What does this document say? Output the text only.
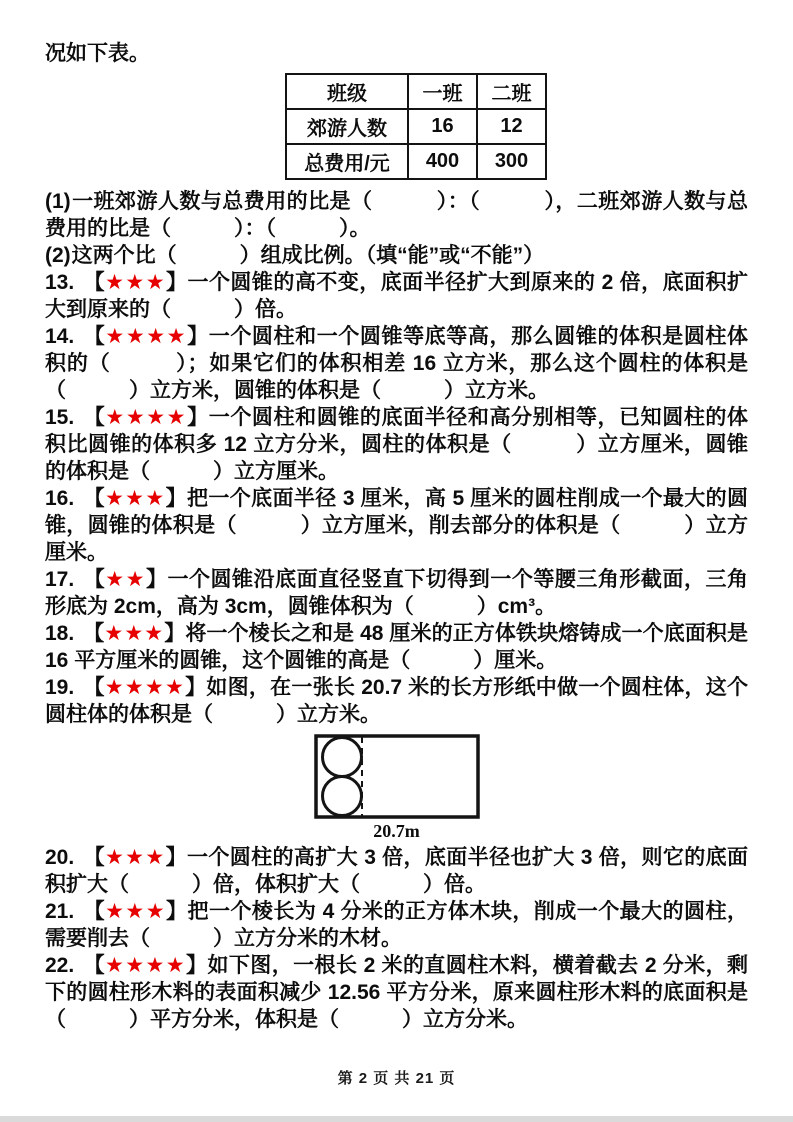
况如下表。

班级	一班	二班
郊游人数	16	12
总费用/元	400	300

(1)一班郊游人数与总费用的比是（　　　）：（　　　），二班郊游人数与总费用的比是（　　　）：（　　　）。

(2)这两个比（　　　）组成比例。（填“能”或“不能”）

13. 【★★★】一个圆锥的高不变，底面半径扩大到原来的 2 倍，底面积扩大到原来的（　　　）倍。

14. 【★★★★】一个圆柱和一个圆锥等底等高，那么圆锥的体积是圆柱体积的（　　　）；如果它们的体积相差 16 立方米，那么这个圆柱的体积是（　　　）立方米，圆锥的体积是（　　　）立方米。

15. 【★★★★】一个圆柱和圆锥的底面半径和高分别相等，已知圆柱的体积比圆锥的体积多 12 立方分米，圆柱的体积是（　　　）立方厘米，圆锥的体积是（　　　）立方厘米。

16. 【★★★】把一个底面半径 3 厘米，高 5 厘米的圆柱削成一个最大的圆锥，圆锥的体积是（　　　）立方厘米，削去部分的体积是（　　　）立方厘米。

17. 【★★】一个圆锥沿底面直径竖直下切得到一个等腰三角形截面，三角形底为 2cm，高为 3cm，圆锥体积为（　　　）cm³。

18. 【★★★】将一个棱长之和是 48 厘米的正方体铁块熔铸成一个底面积是 16 平方厘米的圆锥，这个圆锥的高是（　　　）厘米。

19. 【★★★★】如图，在一张长 20.7 米的长方形纸中做一个圆柱体，这个圆柱体的体积是（　　　）立方米。

20.7m

20. 【★★★】一个圆柱的高扩大 3 倍，底面半径也扩大 3 倍，则它的底面积扩大（　　　）倍，体积扩大（　　　）倍。

21. 【★★★】把一个棱长为 4 分米的正方体木块，削成一个最大的圆柱，需要削去（　　　）立方分米的木材。

22. 【★★★★】如下图，一根长 2 米的直圆柱木料，横着截去 2 分米，剩下的圆柱形木料的表面积减少 12.56 平方分米，原来圆柱形木料的底面积是（　　　）平方分米，体积是（　　　）立方分米。

第 2 页 共 21 页
